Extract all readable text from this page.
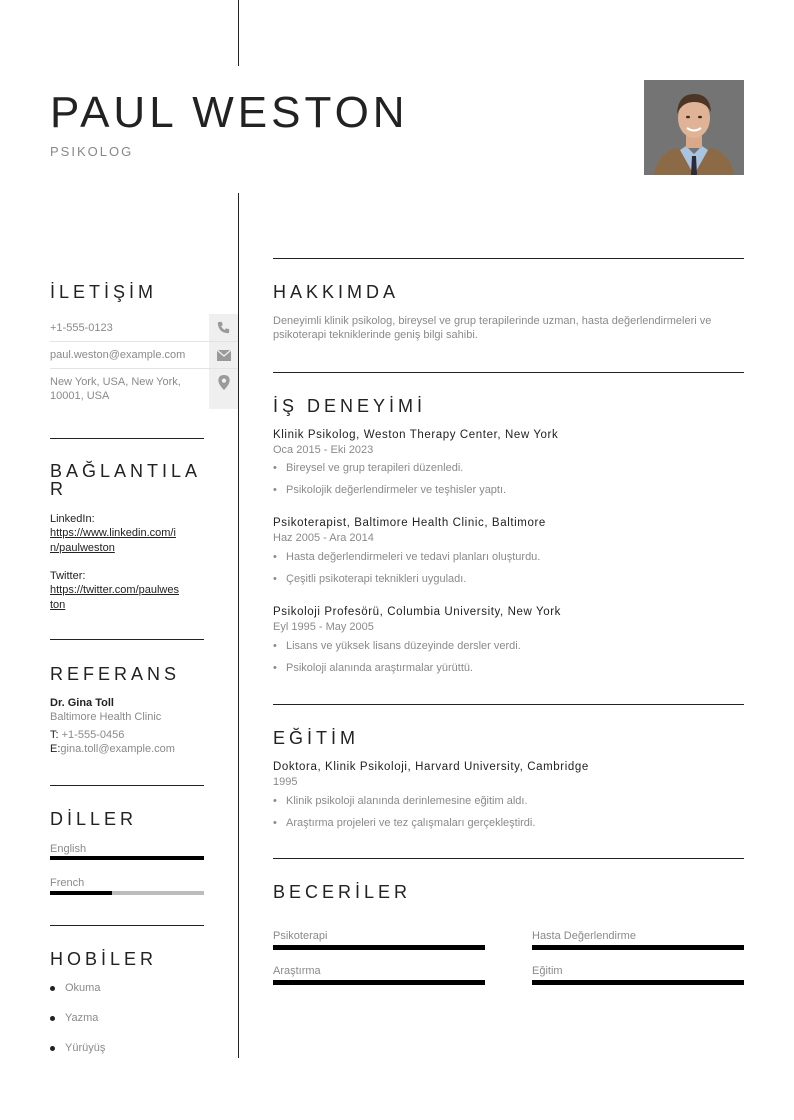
PAUL WESTON
PSIKOLOG
İLETİŞİM
+1-555-0123
paul.weston@example.com
New York, USA, New York,
10001, USA
BAĞLANTILA
R
LinkedIn:
https://www.linkedin.com/i
n/paulweston
Twitter:
https://twitter.com/paulwes
ton
REFERANS
Dr. Gina Toll
Baltimore Health Clinic
T: +1-555-0456
E:gina.toll@example.com
DİLLER
English
French
HOBİLER
Okuma
Yazma
Yürüyüş
HAKKIMDA
Deneyimli klinik psikolog, bireysel ve grup terapilerinde uzman, hasta değerlendirmeleri ve psikoterapi tekniklerinde geniş bilgi sahibi.
İŞ DENEYİMİ
Klinik Psikolog, Weston Therapy Center, New York
Oca 2015 - Eki 2023
• Bireysel ve grup terapileri düzenledi.
• Psikolojik değerlendirmeler ve teşhisler yaptı.
Psikoterapist, Baltimore Health Clinic, Baltimore
Haz 2005 - Ara 2014
• Hasta değerlendirmeleri ve tedavi planları oluşturdu.
• Çeşitli psikoterapi teknikleri uyguladı.
Psikoloji Profesörü, Columbia University, New York
Eyl 1995 - May 2005
• Lisans ve yüksek lisans düzeyinde dersler verdi.
• Psikoloji alanında araştırmalar yürüttü.
EĞİTİM
Doktora, Klinik Psikoloji, Harvard University, Cambridge
1995
• Klinik psikoloji alanında derinlemesine eğitim aldı.
• Araştırma projeleri ve tez çalışmaları gerçekleştirdi.
BECERİLER
Psikoterapi	Hasta Değerlendirme
Araştırma	Eğitim
